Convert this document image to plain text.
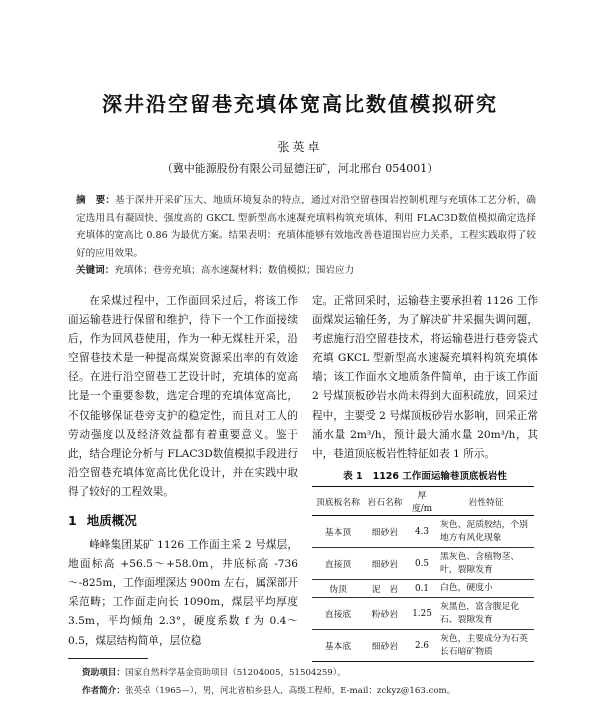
深井沿空留巷充填体宽高比数值模拟研究
张英卓
（冀中能源股份有限公司显德汪矿，河北邢台 054001）

摘　要：基于深井开采矿压大、地质环境复杂的特点，通过对沿空留巷围岩控制机理与充填体工艺分析，确定选用具有凝固快、强度高的 GKCL 型新型高水速凝充填料构筑充填体，利用 FLAC3D数值模拟确定选择充填体的宽高比 0.86 为最优方案。结果表明：充填体能够有效地改善巷道围岩应力关系，工程实践取得了较好的应用效果。

关键词：充填体；巷旁充填；高水速凝材料；数值模拟；围岩应力

在采煤过程中，工作面回采过后，将该工作面运输巷进行保留和维护，待下一个工作面接续后，作为回风巷使用，作为一种无煤柱开采，沿空留巷技术是一种提高煤炭资源采出率的有效途径。在进行沿空留巷工艺设计时，充填体的宽高比是一个重要参数，选定合理的充填体宽高比，不仅能够保证巷旁支护的稳定性，而且对工人的劳动强度以及经济效益都有着重要意义。鉴于此，结合理论分析与 FLAC3D数值模拟手段进行沿空留巷充填体宽高比优化设计，并在实践中取得了较好的工程效果。

1 地质概况

峰峰集团某矿 1126 工作面主采 2 号煤层，地面标高 +56.5～+58.0m，井底标高 -736～-825m，工作面埋深达 900m 左右，属深部开采范畴；工作面走向长 1090m，煤层平均厚度 3.5m，平均倾角 2.3°，硬度系数 f 为 0.4～0.5，煤层结构简单，层位稳

定。正常回采时，运输巷主要承担着 1126 工作面煤炭运输任务，为了解决矿井采掘失调问题，考虑施行沿空留巷技术，将运输巷进行巷旁袋式充填 GKCL 型新型高水速凝充填料构筑充填体墙；该工作面水文地质条件简单，由于该工作面 2 号煤顶板砂岩水尚未得到大面积疏放，回采过程中，主要受 2 号煤顶板砂岩水影响，回采正常涌水量 2m³/h，预计最大涌水量 20m³/h，其中，巷道顶底板岩性特征如表 1 所示。

表 1 1126 工作面运输巷顶底板岩性
顶底板名称	岩石名称	厚度/m	岩性特征
基本顶	细砂岩	4.3	灰色、泥质胶结，个别地方有风化现象
直接顶	细砂岩	0.5	黑灰色、含植物茎、叶，裂隙发育
伪顶	泥　岩	0.1	白色，硬度小
直接底	粉砂岩	1.25	灰黑色，富含腹足化石、裂隙发育
基本底	细砂岩	2.6	灰色，主要成分为石英长石暗矿物质
资助项目：国家自然科学基金资助项目（51204005，51504259）。
作者简介：张英卓（1965—），男，河北省柏乡县人，高级工程师，E-mail：zckyz@163.com。
